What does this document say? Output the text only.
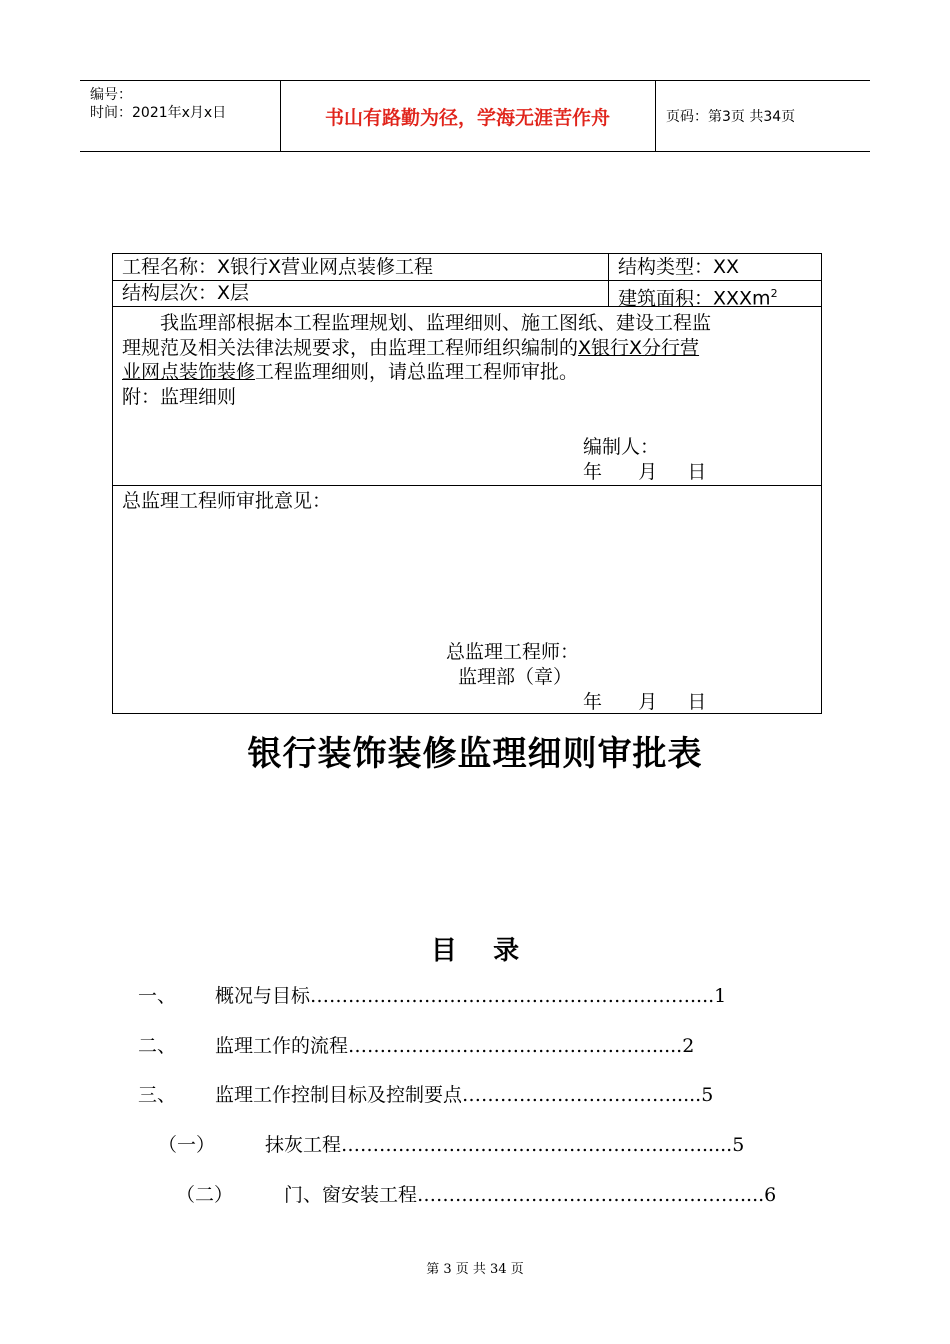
编号：
时间：2021年x月x日	书山有路勤为径，学海无涯苦作舟	页码：第3页 共34页
工程名称：X银行X营业网点装修工程	结构类型：XX
结构层次：X层	建筑面积：XXXm$^2$
我监理部根据本工程监理规划、监理细则、施工图纸、建设工程监
理规范及相关法律法规要求，由监理工程师组织编制的X银行X分行营
业网点装饰装修工程监理细则，请总监理工程师审批。
附：监理细则
编制人：
年      月     日
总监理工程师审批意见：
总监理工程师：
监理部（章）
年      月     日
银行装饰装修监理细则审批表
目    录
一、 概况与目标……………………………………………………....1
二、 监理工作的流程………………………………………….....2
三、 监理工作控制目标及控制要点…………………………….....5
（一）	抹灰工程………………………………………………….....5
（二）	门、窗安装工程……………………………………………....6
第 3 页 共 34 页
